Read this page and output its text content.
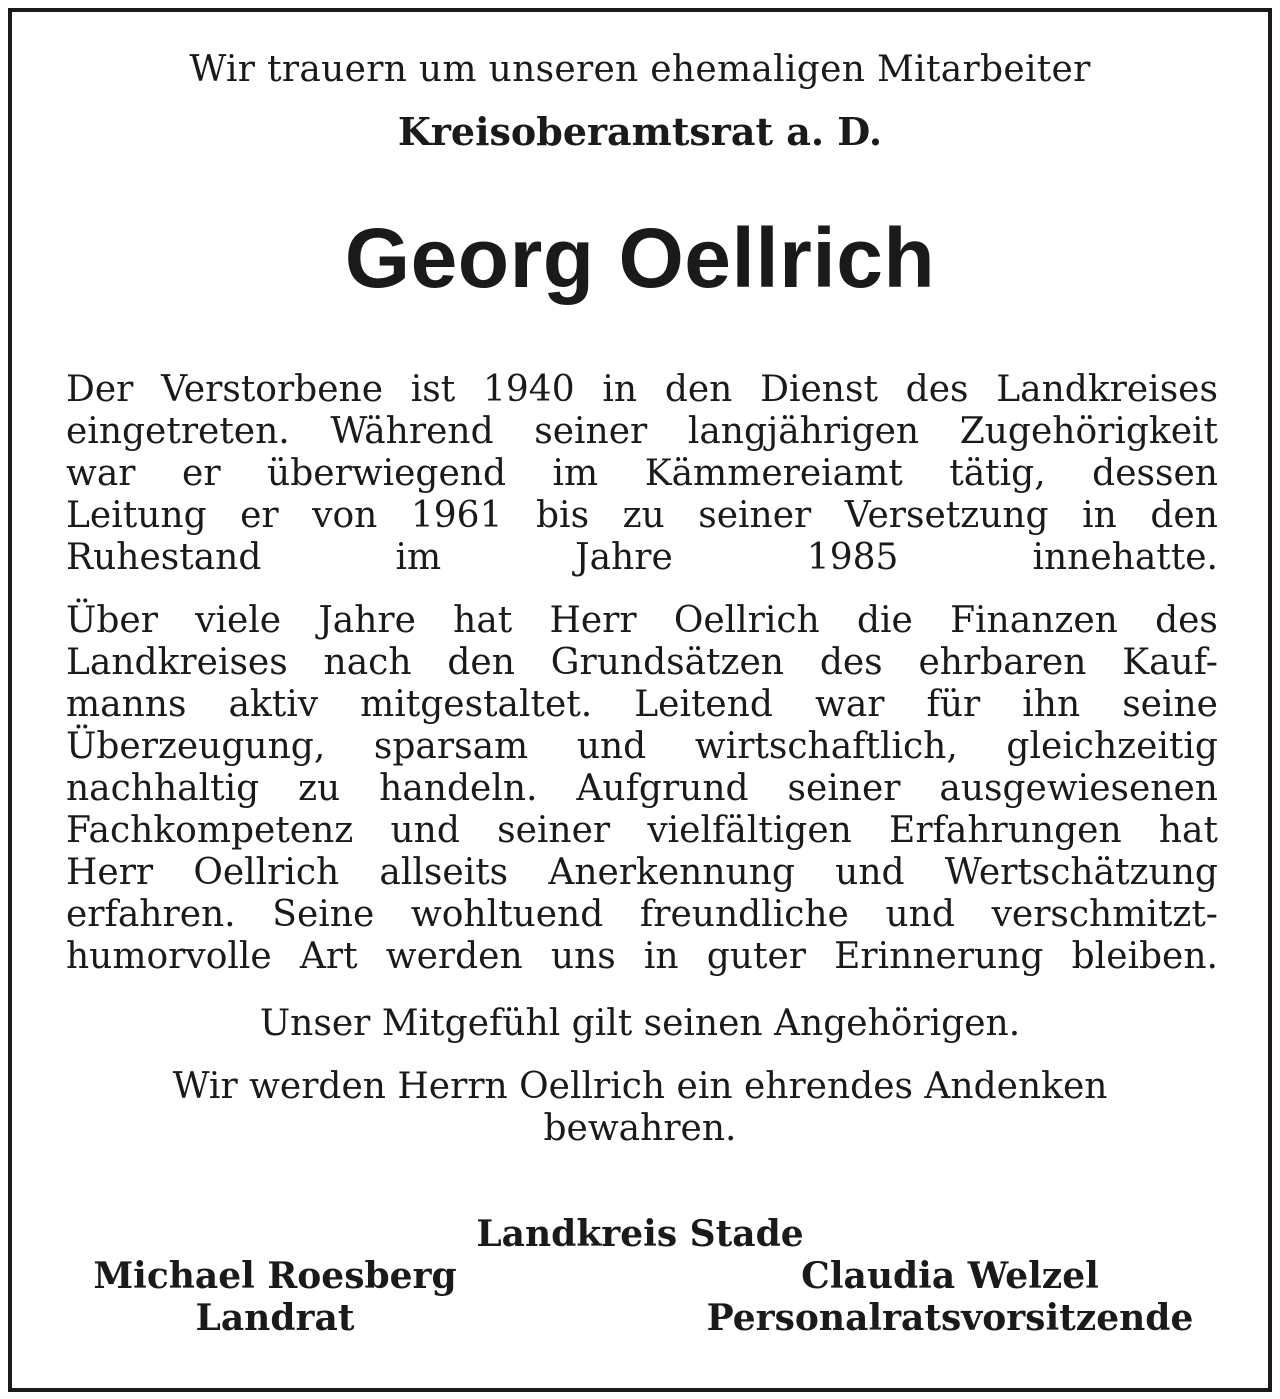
Wir trauern um unseren ehemaligen Mitarbeiter
Kreisoberamtsrat a. D.
Georg Oellrich
Der Verstorbene ist 1940 in den Dienst des Landkreises
eingetreten. Während seiner langjährigen Zugehörigkeit
war er überwiegend im Kämmereiamt tätig, dessen
Leitung er von 1961 bis zu seiner Versetzung in den
Ruhestand im Jahre 1985 innehatte.
Über viele Jahre hat Herr Oellrich die Finanzen des
Landkreises nach den Grundsätzen des ehrbaren Kauf-
manns aktiv mitgestaltet. Leitend war für ihn seine
Überzeugung, sparsam und wirtschaftlich, gleichzeitig
nachhaltig zu handeln. Aufgrund seiner ausgewiesenen
Fachkompetenz und seiner vielfältigen Erfahrungen hat
Herr Oellrich allseits Anerkennung und Wertschätzung
erfahren. Seine wohltuend freundliche und verschmitzt-
humorvolle Art werden uns in guter Erinnerung bleiben.
Unser Mitgefühl gilt seinen Angehörigen.
Wir werden Herrn Oellrich ein ehrendes Andenken
bewahren.
Landkreis Stade
Michael Roesberg
Landrat
Claudia Welzel
Personalratsvorsitzende
